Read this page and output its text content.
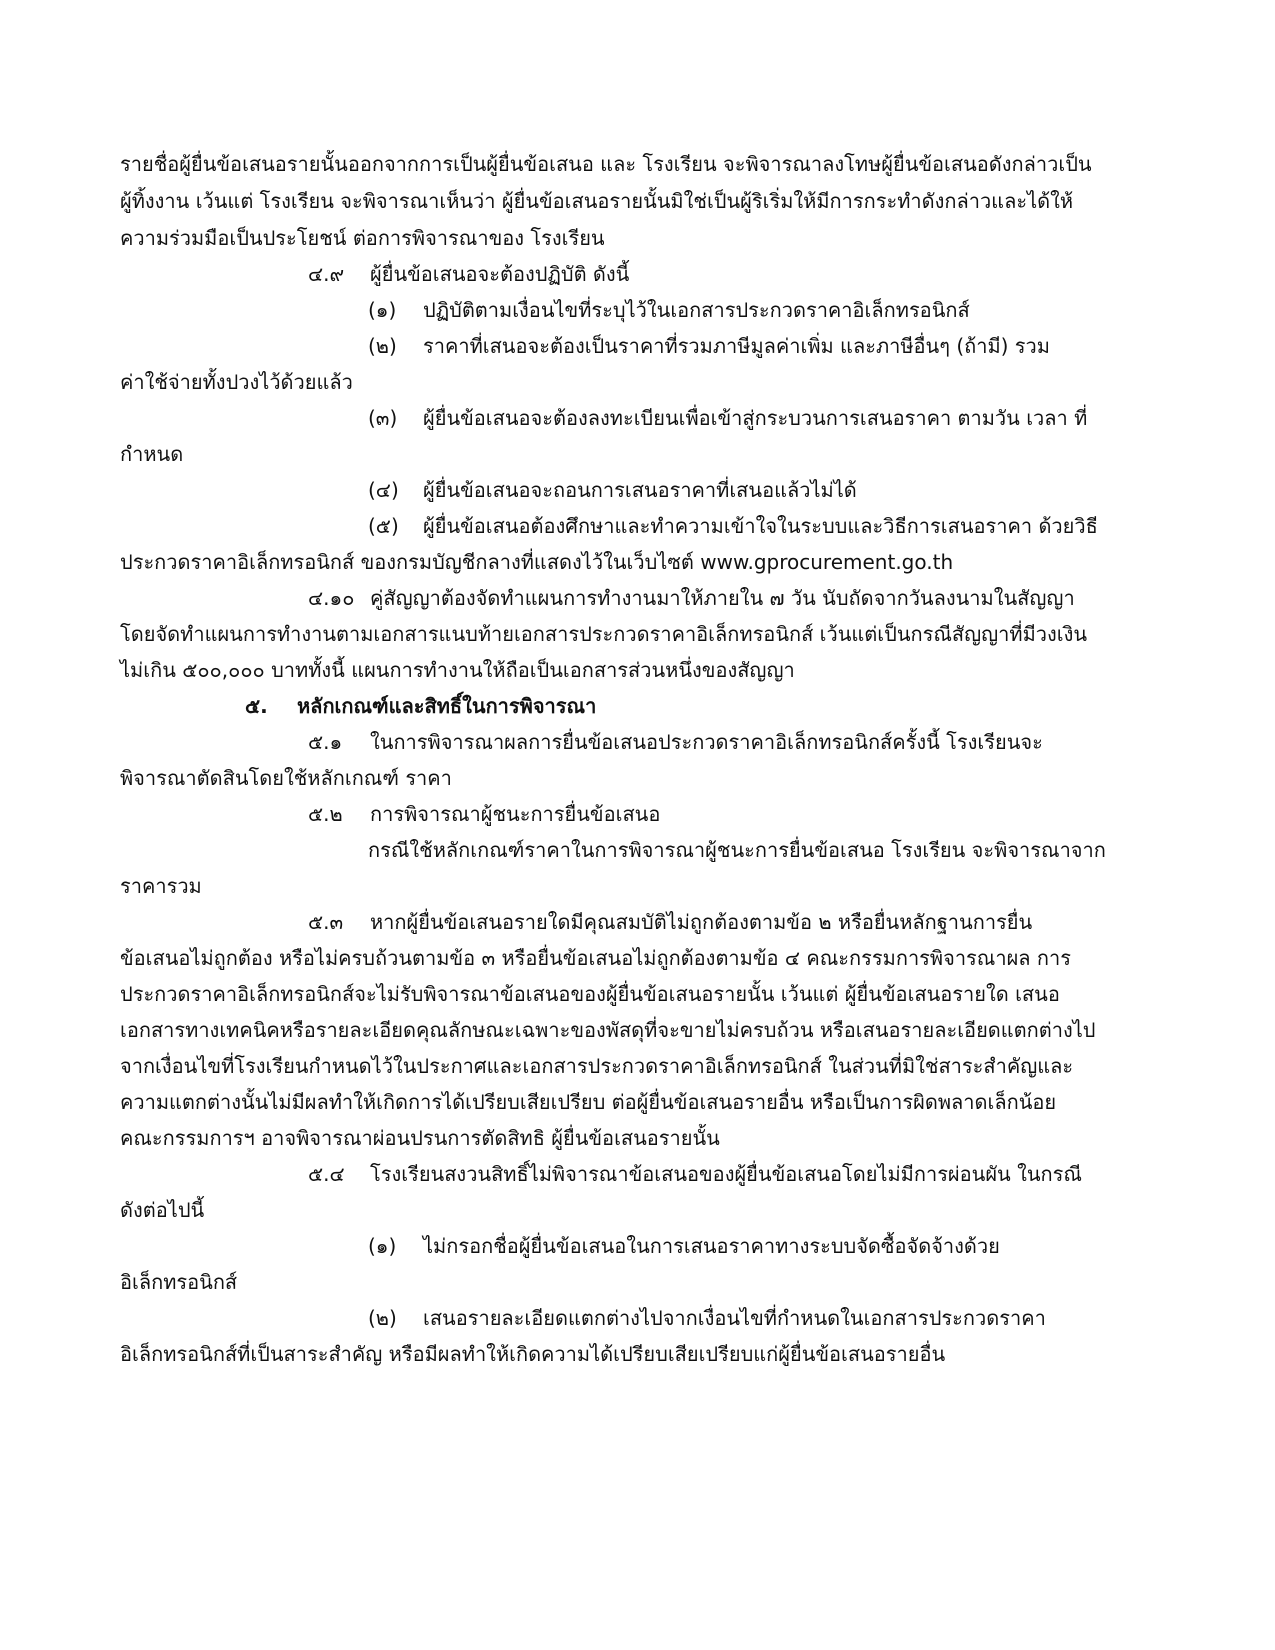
รายชื่อผู้ยื่นข้อเสนอรายนั้นออกจากการเป็นผู้ยื่นข้อเสนอ และ โรงเรียน จะพิจารณาลงโทษผู้ยื่นข้อเสนอดังกล่าวเป็น
ผู้ทิ้งงาน เว้นแต่ โรงเรียน จะพิจารณาเห็นว่า ผู้ยื่นข้อเสนอรายนั้นมิใช่เป็นผู้ริเริ่มให้มีการกระทำดังกล่าวและได้ให้
ความร่วมมือเป็นประโยชน์ ต่อการพิจารณาของ โรงเรียน
๔.๙ ผู้ยื่นข้อเสนอจะต้องปฏิบัติ ดังนี้
(๑) ปฏิบัติตามเงื่อนไขที่ระบุไว้ในเอกสารประกวดราคาอิเล็กทรอนิกส์
(๒) ราคาที่เสนอจะต้องเป็นราคาที่รวมภาษีมูลค่าเพิ่ม และภาษีอื่นๆ (ถ้ามี) รวม
ค่าใช้จ่ายทั้งปวงไว้ด้วยแล้ว
(๓) ผู้ยื่นข้อเสนอจะต้องลงทะเบียนเพื่อเข้าสู่กระบวนการเสนอราคา ตามวัน เวลา ที่
กำหนด
(๔) ผู้ยื่นข้อเสนอจะถอนการเสนอราคาที่เสนอแล้วไม่ได้
(๕) ผู้ยื่นข้อเสนอต้องศึกษาและทำความเข้าใจในระบบและวิธีการเสนอราคา ด้วยวิธี
ประกวดราคาอิเล็กทรอนิกส์ ของกรมบัญชีกลางที่แสดงไว้ในเว็บไซต์ www.gprocurement.go.th
๔.๑๐ คู่สัญญาต้องจัดทำแผนการทำงานมาให้ภายใน ๗ วัน นับถัดจากวันลงนามในสัญญา
โดยจัดทำแผนการทำงานตามเอกสารแนบท้ายเอกสารประกวดราคาอิเล็กทรอนิกส์ เว้นแต่เป็นกรณีสัญญาที่มีวงเงิน
ไม่เกิน ๕๐๐,๐๐๐ บาททั้งนี้ แผนการทำงานให้ถือเป็นเอกสารส่วนหนึ่งของสัญญา
๕. หลักเกณฑ์และสิทธิ์ในการพิจารณา
๕.๑ ในการพิจารณาผลการยื่นข้อเสนอประกวดราคาอิเล็กทรอนิกส์ครั้งนี้ โรงเรียนจะ
พิจารณาตัดสินโดยใช้หลักเกณฑ์ ราคา
๕.๒ การพิจารณาผู้ชนะการยื่นข้อเสนอ
กรณีใช้หลักเกณฑ์ราคาในการพิจารณาผู้ชนะการยื่นข้อเสนอ โรงเรียน จะพิจารณาจาก
ราคารวม
๕.๓ หากผู้ยื่นข้อเสนอรายใดมีคุณสมบัติไม่ถูกต้องตามข้อ ๒ หรือยื่นหลักฐานการยื่น
ข้อเสนอไม่ถูกต้อง หรือไม่ครบถ้วนตามข้อ ๓ หรือยื่นข้อเสนอไม่ถูกต้องตามข้อ ๔ คณะกรรมการพิจารณาผล การ
ประกวดราคาอิเล็กทรอนิกส์จะไม่รับพิจารณาข้อเสนอของผู้ยื่นข้อเสนอรายนั้น เว้นแต่ ผู้ยื่นข้อเสนอรายใด เสนอ
เอกสารทางเทคนิคหรือรายละเอียดคุณลักษณะเฉพาะของพัสดุที่จะขายไม่ครบถ้วน หรือเสนอรายละเอียดแตกต่างไป
จากเงื่อนไขที่โรงเรียนกำหนดไว้ในประกาศและเอกสารประกวดราคาอิเล็กทรอนิกส์ ในส่วนที่มิใช่สาระสำคัญและ
ความแตกต่างนั้นไม่มีผลทำให้เกิดการได้เปรียบเสียเปรียบ ต่อผู้ยื่นข้อเสนอรายอื่น หรือเป็นการผิดพลาดเล็กน้อย
คณะกรรมการฯ อาจพิจารณาผ่อนปรนการตัดสิทธิ ผู้ยื่นข้อเสนอรายนั้น
๕.๔ โรงเรียนสงวนสิทธิ์ไม่พิจารณาข้อเสนอของผู้ยื่นข้อเสนอโดยไม่มีการผ่อนผัน ในกรณี
ดังต่อไปนี้
(๑) ไม่กรอกชื่อผู้ยื่นข้อเสนอในการเสนอราคาทางระบบจัดซื้อจัดจ้างด้วย
อิเล็กทรอนิกส์
(๒) เสนอรายละเอียดแตกต่างไปจากเงื่อนไขที่กำหนดในเอกสารประกวดราคา
อิเล็กทรอนิกส์ที่เป็นสาระสำคัญ หรือมีผลทำให้เกิดความได้เปรียบเสียเปรียบแก่ผู้ยื่นข้อเสนอรายอื่น
